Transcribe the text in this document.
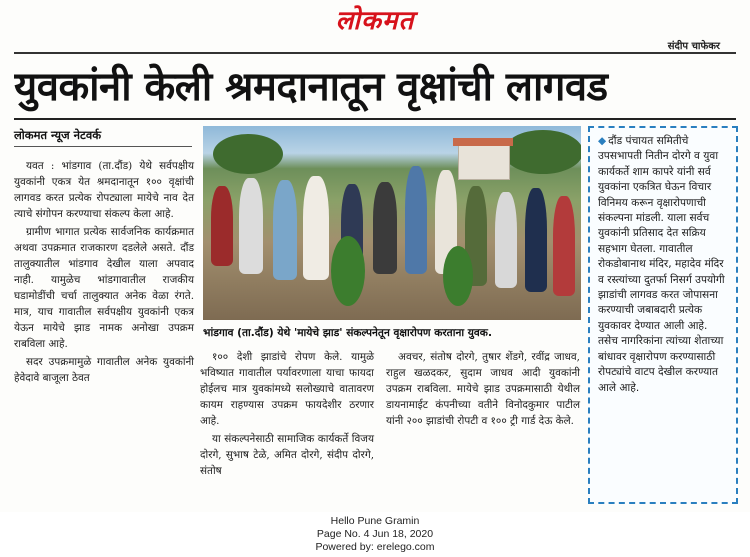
लोकमत
संदीप चाफेकर
युवकांनी केली श्रमदानातून वृक्षांची लागवड
लोकमत न्यूज नेटवर्क

यवत : भांडगाव (ता.दौंड) येथे सर्वपक्षीय युवकांनी एकत्र येत श्रमदानातून १०० वृक्षांची लागवड करत प्रत्येक रोपट्याला मायेचे नाव देत त्याचे संगोपन करण्याचा संकल्प केला आहे.

ग्रामीण भागात प्रत्येक सार्वजनिक कार्यक्रमात अथवा उपक्रमात राजकारण दडलेले असते. दौंड तालुक्यातील भांडगाव देखील याला अपवाद नाही. यामुळेच भांडगावातील राजकीय घडामोडींची चर्चा तालुक्यात अनेक वेळा रंगते. मात्र, याच गावातील सर्वपक्षीय युवकांनी एकत्र येऊन मायेचे झाड नामक अनोखा उपक्रम राबविला आहे.

सदर उपक्रमामुळे गावातील अनेक युवकांनी हेवेदावे बाजूला ठेवत

भांडगाव (ता.दौंड) येथे 'मायेचे झाड' संकल्पनेतून वृक्षारोपण करताना युवक.

१०० देशी झाडांचे रोपण केले. यामुळे भविष्यात गावातील पर्यावरणाला याचा फायदा होईलच मात्र युवकांमध्ये सलोख्याचे वातावरण कायम राहण्यास उपक्रम फायदेशीर ठरणार आहे.

या संकल्पनेसाठी सामाजिक कार्यकर्ते विजय दोरगे, सुभाष टेळे, अमित दोरगे, संदीप दोरगे, संतोष

अवचर, संतोष दोरगे, तुषार शेंडगे, रवींद्र जाधव, राहुल खळदकर, सुदाम जाधव आदी युवकांनी उपक्रम राबविला. मायेचे झाड उपक्रमासाठी येथील डायनामाईट कंपनीच्या वतीने विनोदकुमार पाटील यांनी २०० झाडांची रोपटी व १०० ट्री गार्ड देऊ केले.

◆ दौंड पंचायत समितीचे उपसभापती नितीन दोरगे व युवा कार्यकर्ते शाम कापरे यांनी सर्व युवकांना एकत्रित घेऊन विचार विनिमय करून वृक्षारोपणाची संकल्पना मांडली. याला सर्वच युवकांनी प्रतिसाद देत सक्रिय सहभाग घेतला. गावातील रोकडोबानाथ मंदिर, महादेव मंदिर व रस्त्यांच्या दुतर्फा निसर्ग उपयोगी झाडांची लागवड करत जोपासना करण्याची जबाबदारी प्रत्येक युवकावर देण्यात आली आहे. तसेच नागरिकांना त्यांच्या शेताच्या बांधावर वृक्षारोपण करण्यासाठी रोपट्यांचे वाटप देखील करण्यात आले आहे.

Hello Pune Gramin
Page No. 4 Jun 18, 2020
Powered by: erelego.com
